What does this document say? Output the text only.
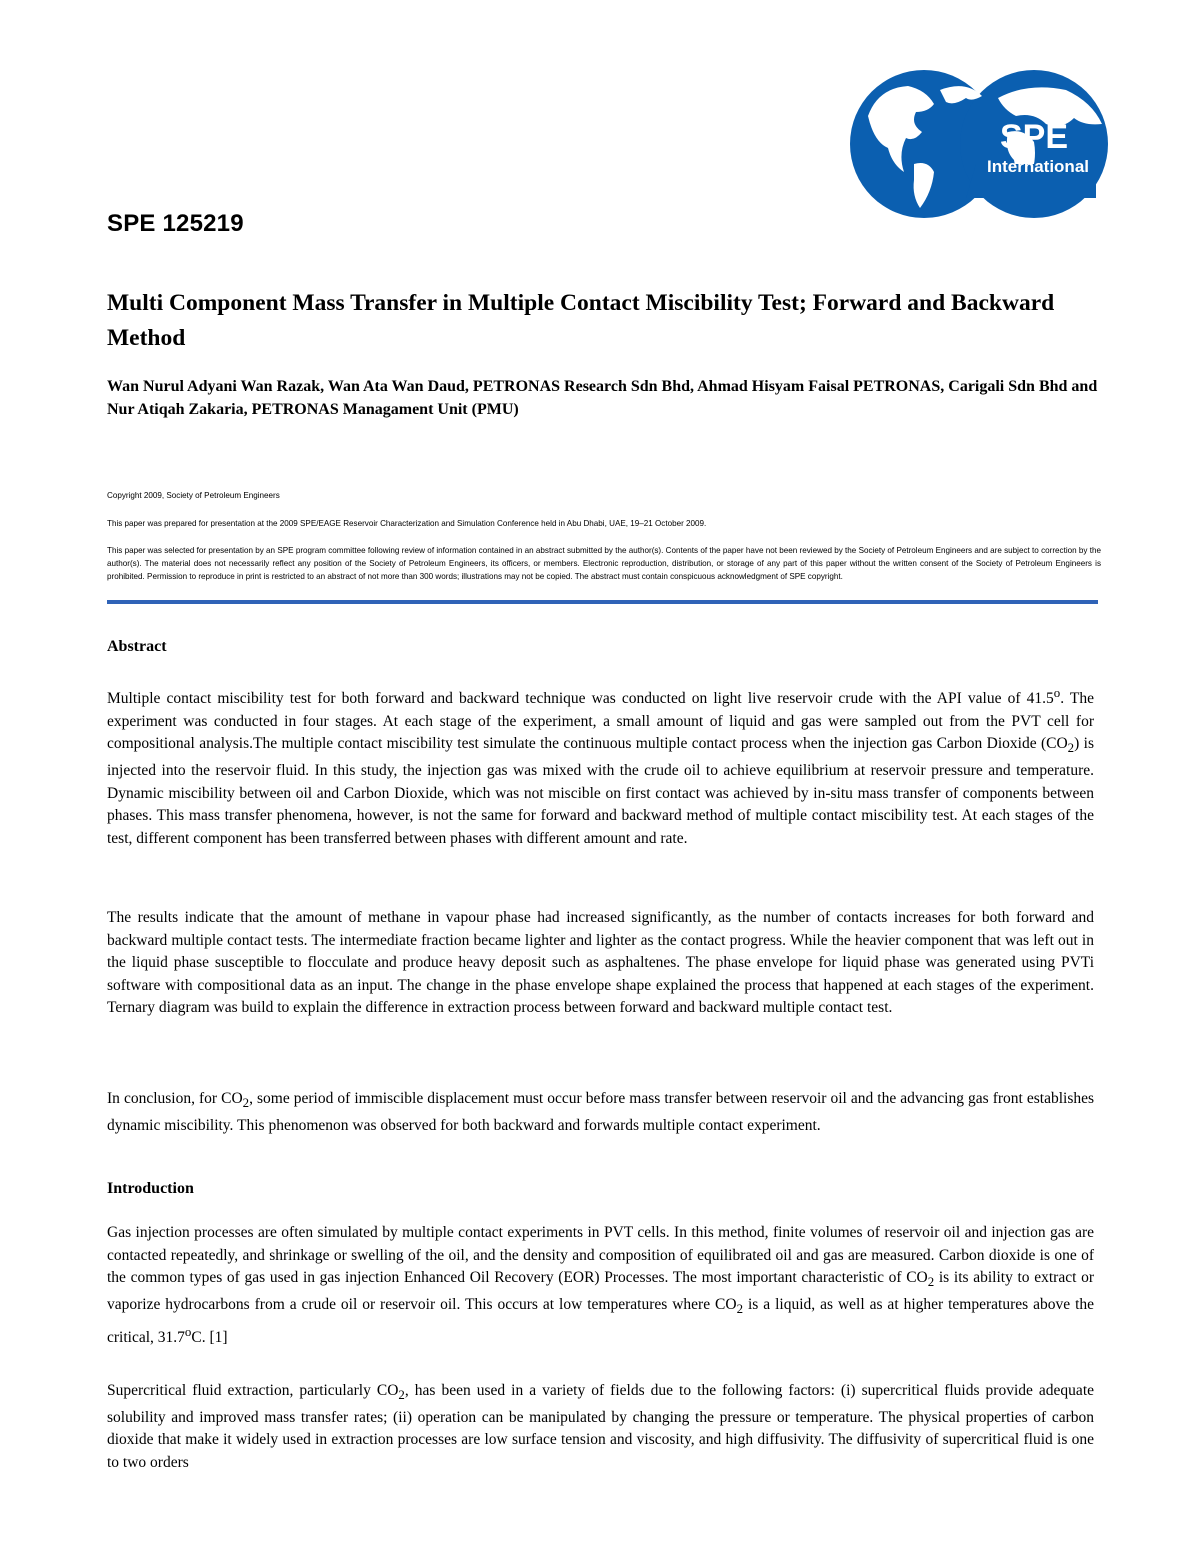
SPE
International
SPE 125219
Multi Component Mass Transfer in Multiple Contact Miscibility Test; Forward and Backward Method

Wan Nurul Adyani Wan Razak, Wan Ata Wan Daud, PETRONAS Research Sdn Bhd, Ahmad Hisyam Faisal PETRONAS, Carigali Sdn Bhd and Nur Atiqah Zakaria, PETRONAS Managament Unit (PMU)

Copyright 2009, Society of Petroleum Engineers

This paper was prepared for presentation at the 2009 SPE/EAGE Reservoir Characterization and Simulation Conference held in Abu Dhabi, UAE, 19–21 October 2009.

This paper was selected for presentation by an SPE program committee following review of information contained in an abstract submitted by the author(s). Contents of the paper have not been reviewed by the Society of Petroleum Engineers and are subject to correction by the author(s). The material does not necessarily reflect any position of the Society of Petroleum Engineers, its officers, or members. Electronic reproduction, distribution, or storage of any part of this paper without the written consent of the Society of Petroleum Engineers is prohibited. Permission to reproduce in print is restricted to an abstract of not more than 300 words; illustrations may not be copied. The abstract must contain conspicuous acknowledgment of SPE copyright.

Abstract

Multiple contact miscibility test for both forward and backward technique was conducted on light live reservoir crude with the API value of 41.5$^o$. The experiment was conducted in four stages. At each stage of the experiment, a small amount of liquid and gas were sampled out from the PVT cell for compositional analysis.The multiple contact miscibility test simulate the continuous multiple contact process when the injection gas Carbon Dioxide $(CO_2)$ is injected into the reservoir fluid. In this study, the injection gas was mixed with the crude oil to achieve equilibrium at reservoir pressure and temperature. Dynamic miscibility between oil and Carbon Dioxide, which was not miscible on first contact was achieved by in-situ mass transfer of components between phases. This mass transfer phenomena, however, is not the same for forward and backward method of multiple contact miscibility test. At each stages of the test, different component has been transferred between phases with different amount and rate.

The results indicate that the amount of methane in vapour phase had increased significantly, as the number of contacts increases for both forward and backward multiple contact tests. The intermediate fraction became lighter and lighter as the contact progress. While the heavier component that was left out in the liquid phase susceptible to flocculate and produce heavy deposit such as asphaltenes. The phase envelope for liquid phase was generated using PVTi software with compositional data as an input. The change in the phase envelope shape explained the process that happened at each stages of the experiment. Ternary diagram was build to explain the difference in extraction process between forward and backward multiple contact test.

In conclusion, for $CO_2$, some period of immiscible displacement must occur before mass transfer between reservoir oil and the advancing gas front establishes dynamic miscibility. This phenomenon was observed for both backward and forwards multiple contact experiment.

Introduction

Gas injection processes are often simulated by multiple contact experiments in PVT cells. In this method, finite volumes of reservoir oil and injection gas are contacted repeatedly, and shrinkage or swelling of the oil, and the density and composition of equilibrated oil and gas are measured. Carbon dioxide is one of the common types of gas used in gas injection Enhanced Oil Recovery (EOR) Processes. The most important characteristic of $CO_2$ is its ability to extract or vaporize hydrocarbons from a crude oil or reservoir oil. This occurs at low temperatures where $CO_2$ is a liquid, as well as at higher temperatures above the critical, 31.7$^o$C. [1]

Supercritical fluid extraction, particularly $CO_2$, has been used in a variety of fields due to the following factors: (i) supercritical fluids provide adequate solubility and improved mass transfer rates; (ii) operation can be manipulated by changing the pressure or temperature. The physical properties of carbon dioxide that make it widely used in extraction processes are low surface tension and viscosity, and high diffusivity. The diffusivity of supercritical fluid is one to two orders
